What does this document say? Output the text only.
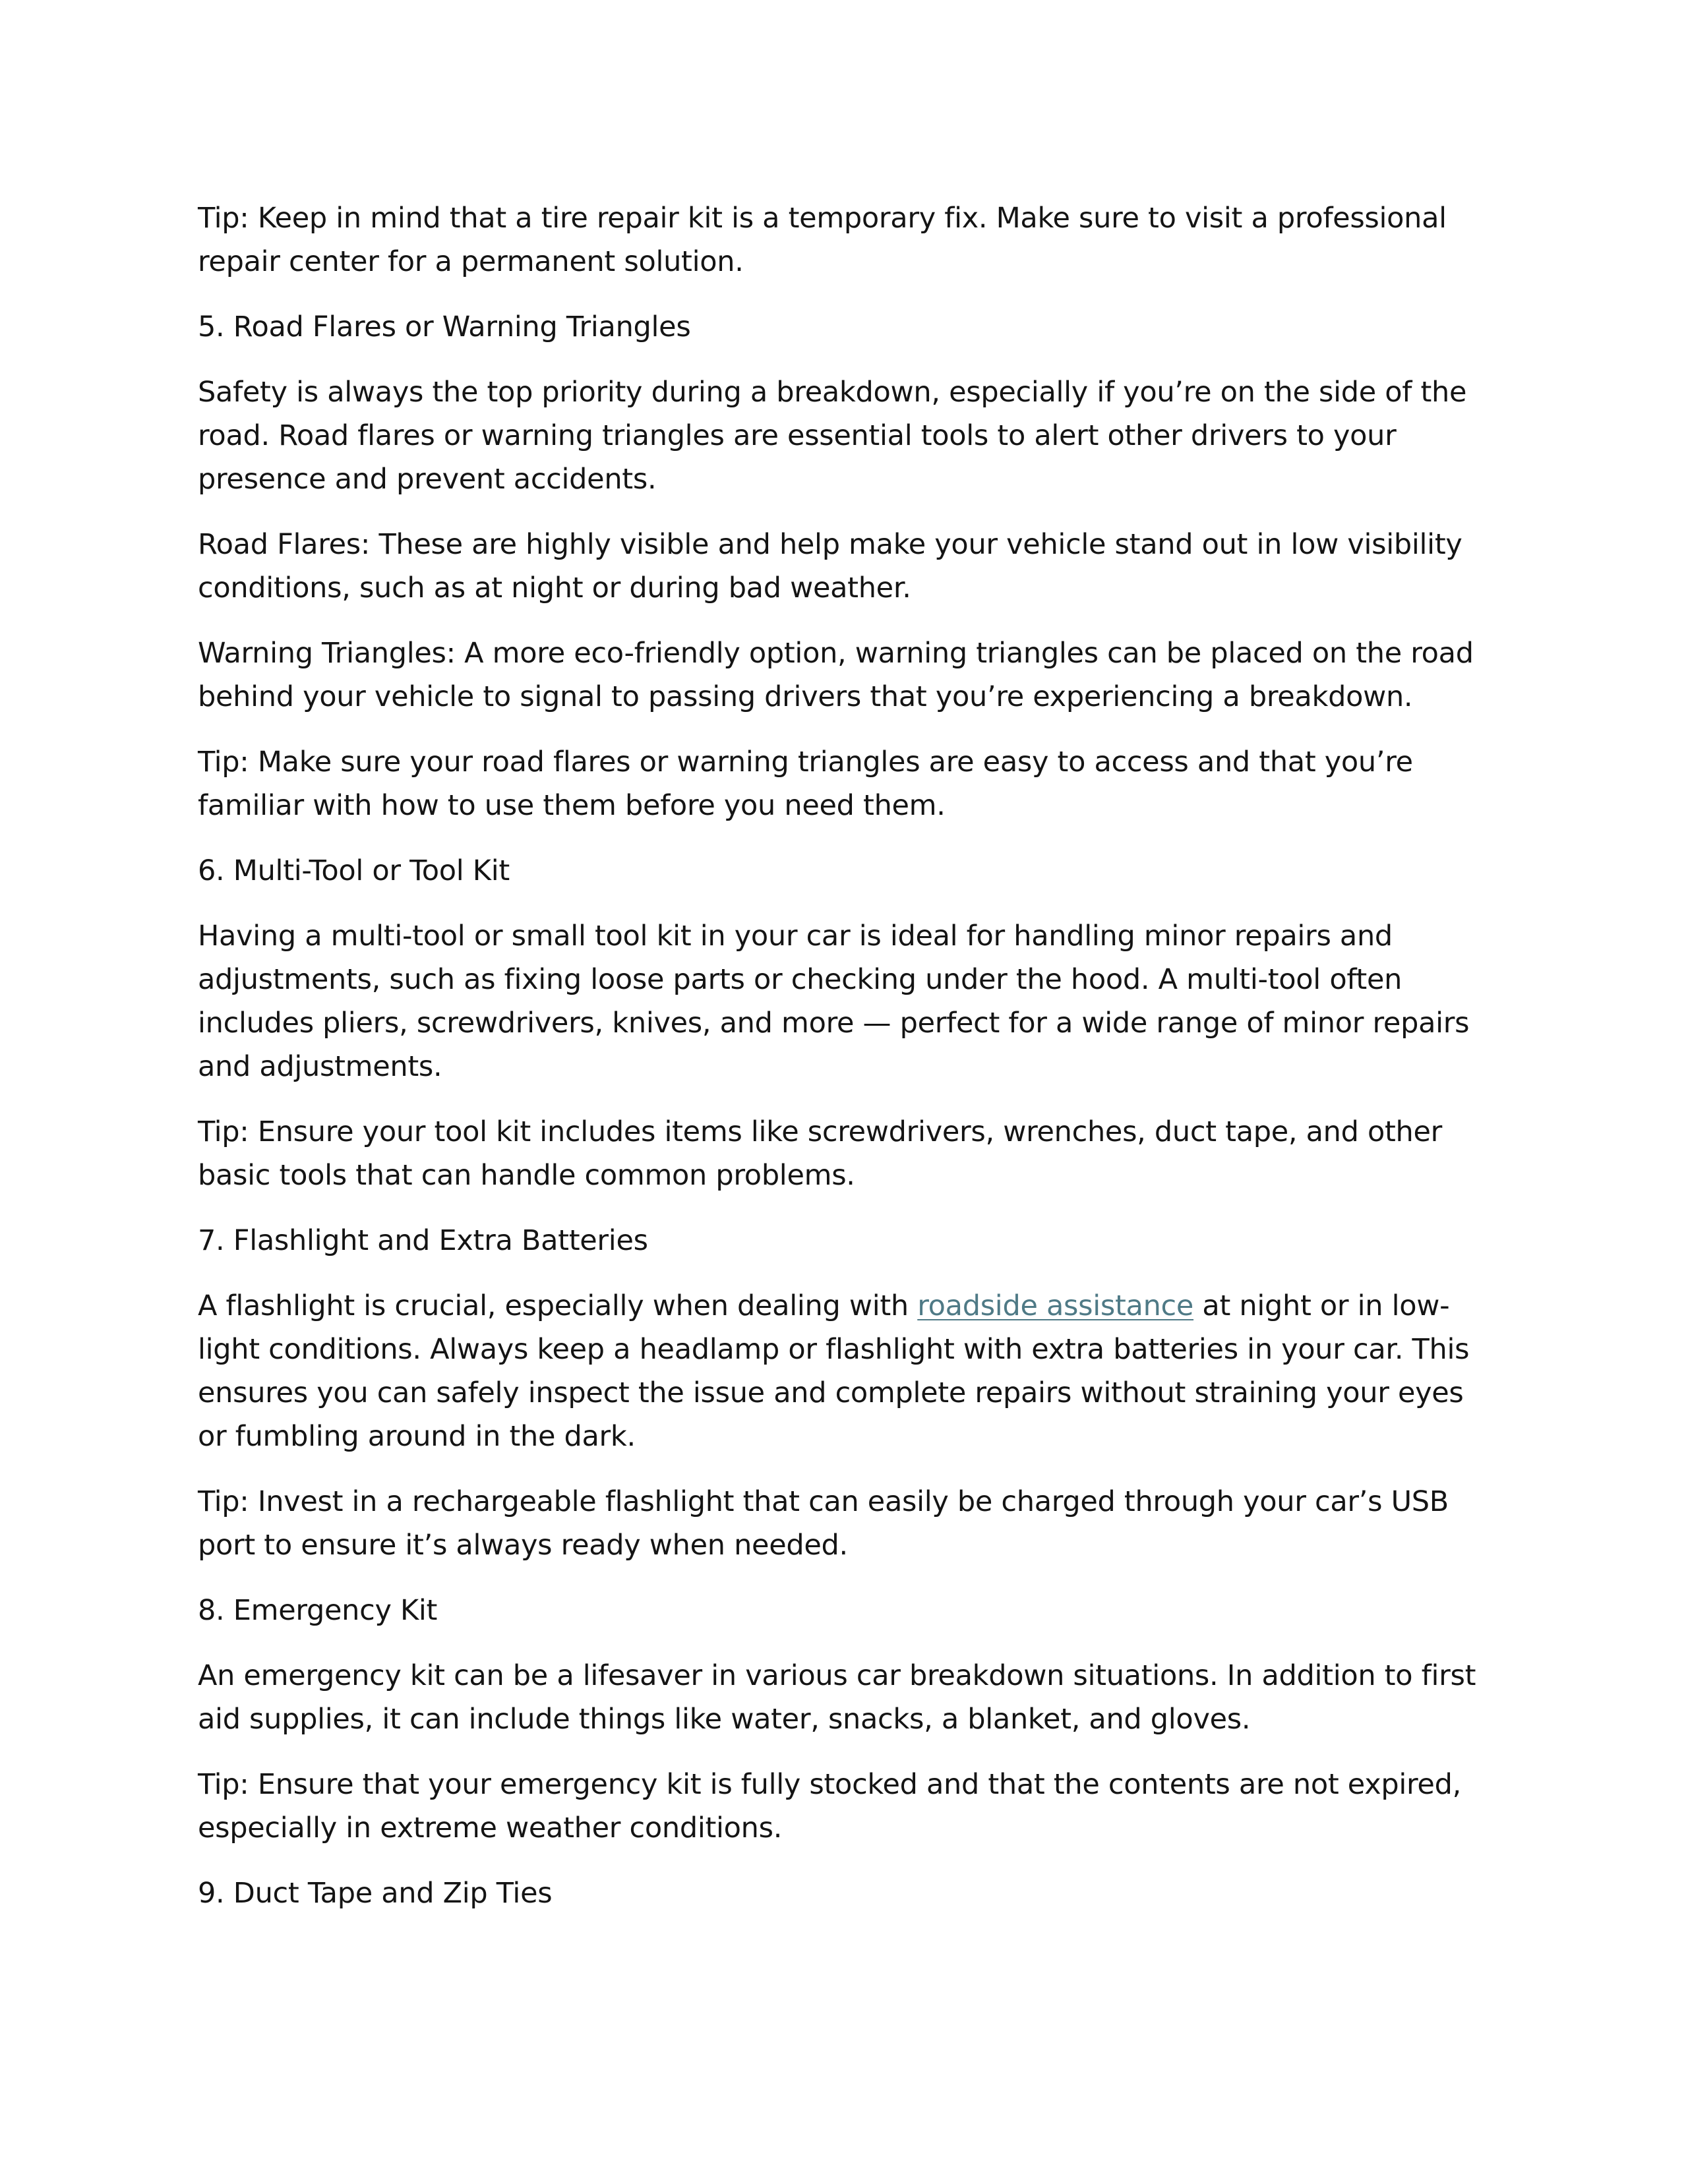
Tip: Keep in mind that a tire repair kit is a temporary fix. Make sure to visit a professional repair center for a permanent solution.

5. Road Flares or Warning Triangles

Safety is always the top priority during a breakdown, especially if you’re on the side of the road. Road flares or warning triangles are essential tools to alert other drivers to your presence and prevent accidents.

Road Flares: These are highly visible and help make your vehicle stand out in low visibility conditions, such as at night or during bad weather.

Warning Triangles: A more eco-friendly option, warning triangles can be placed on the road behind your vehicle to signal to passing drivers that you’re experiencing a breakdown.

Tip: Make sure your road flares or warning triangles are easy to access and that you’re familiar with how to use them before you need them.

6. Multi-Tool or Tool Kit

Having a multi-tool or small tool kit in your car is ideal for handling minor repairs and adjustments, such as fixing loose parts or checking under the hood. A multi-tool often includes pliers, screwdrivers, knives, and more — perfect for a wide range of minor repairs and adjustments.

Tip: Ensure your tool kit includes items like screwdrivers, wrenches, duct tape, and other basic tools that can handle common problems.

7. Flashlight and Extra Batteries

A flashlight is crucial, especially when dealing with roadside assistance at night or in low-light conditions. Always keep a headlamp or flashlight with extra batteries in your car. This ensures you can safely inspect the issue and complete repairs without straining your eyes or fumbling around in the dark.

Tip: Invest in a rechargeable flashlight that can easily be charged through your car’s USB port to ensure it’s always ready when needed.

8. Emergency Kit

An emergency kit can be a lifesaver in various car breakdown situations. In addition to first aid supplies, it can include things like water, snacks, a blanket, and gloves.

Tip: Ensure that your emergency kit is fully stocked and that the contents are not expired, especially in extreme weather conditions.

9. Duct Tape and Zip Ties
